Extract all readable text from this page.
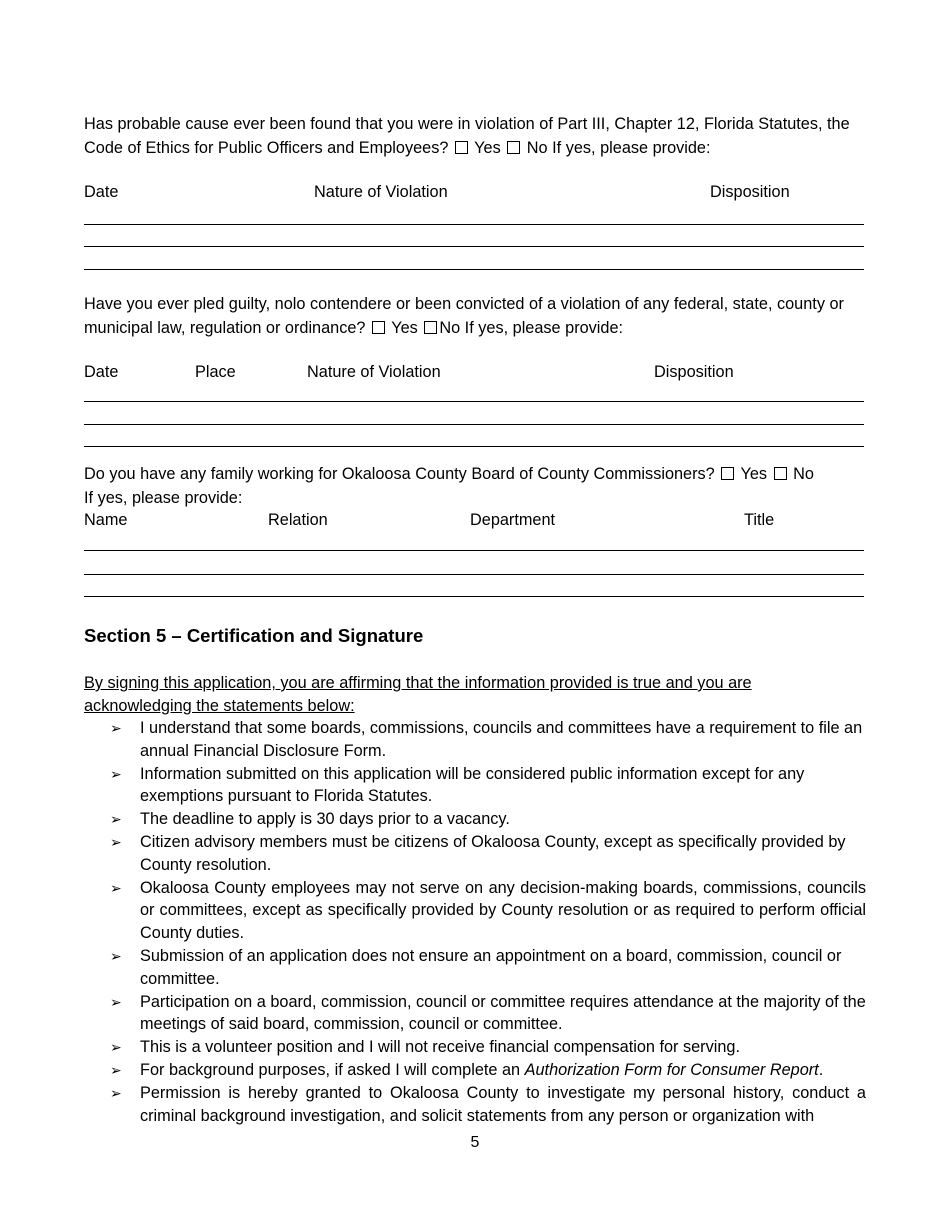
Has probable cause ever been found that you were in violation of Part III, Chapter 12, Florida Statutes, the Code of Ethics for Public Officers and Employees? Yes No If yes, please provide:

Date	Nature of Violation	Disposition

Have you ever pled guilty, nolo contendere or been convicted of a violation of any federal, state, county or municipal law, regulation or ordinance? Yes No If yes, please provide:

Date	Place	Nature of Violation	Disposition

Do you have any family working for Okaloosa County Board of County Commissioners? Yes No
If yes, please provide:

Name	Relation	Department	Title
Section 5 – Certification and Signature
By signing this application, you are affirming that the information provided is true and you are acknowledging the statements below:
➢ I understand that some boards, commissions, councils and committees have a requirement to file an annual Financial Disclosure Form.
➢ Information submitted on this application will be considered public information except for any exemptions pursuant to Florida Statutes.
➢ The deadline to apply is 30 days prior to a vacancy.
➢ Citizen advisory members must be citizens of Okaloosa County, except as specifically provided by County resolution.
➢ Okaloosa County employees may not serve on any decision-making boards, commissions, councils or committees, except as specifically provided by County resolution or as required to perform official County duties.
➢ Submission of an application does not ensure an appointment on a board, commission, council or committee.
➢ Participation on a board, commission, council or committee requires attendance at the majority of the meetings of said board, commission, council or committee.
➢ This is a volunteer position and I will not receive financial compensation for serving.
➢ For background purposes, if asked I will complete an Authorization Form for Consumer Report.
➢ Permission is hereby granted to Okaloosa County to investigate my personal history, conduct a criminal background investigation, and solicit statements from any person or organization with
5
